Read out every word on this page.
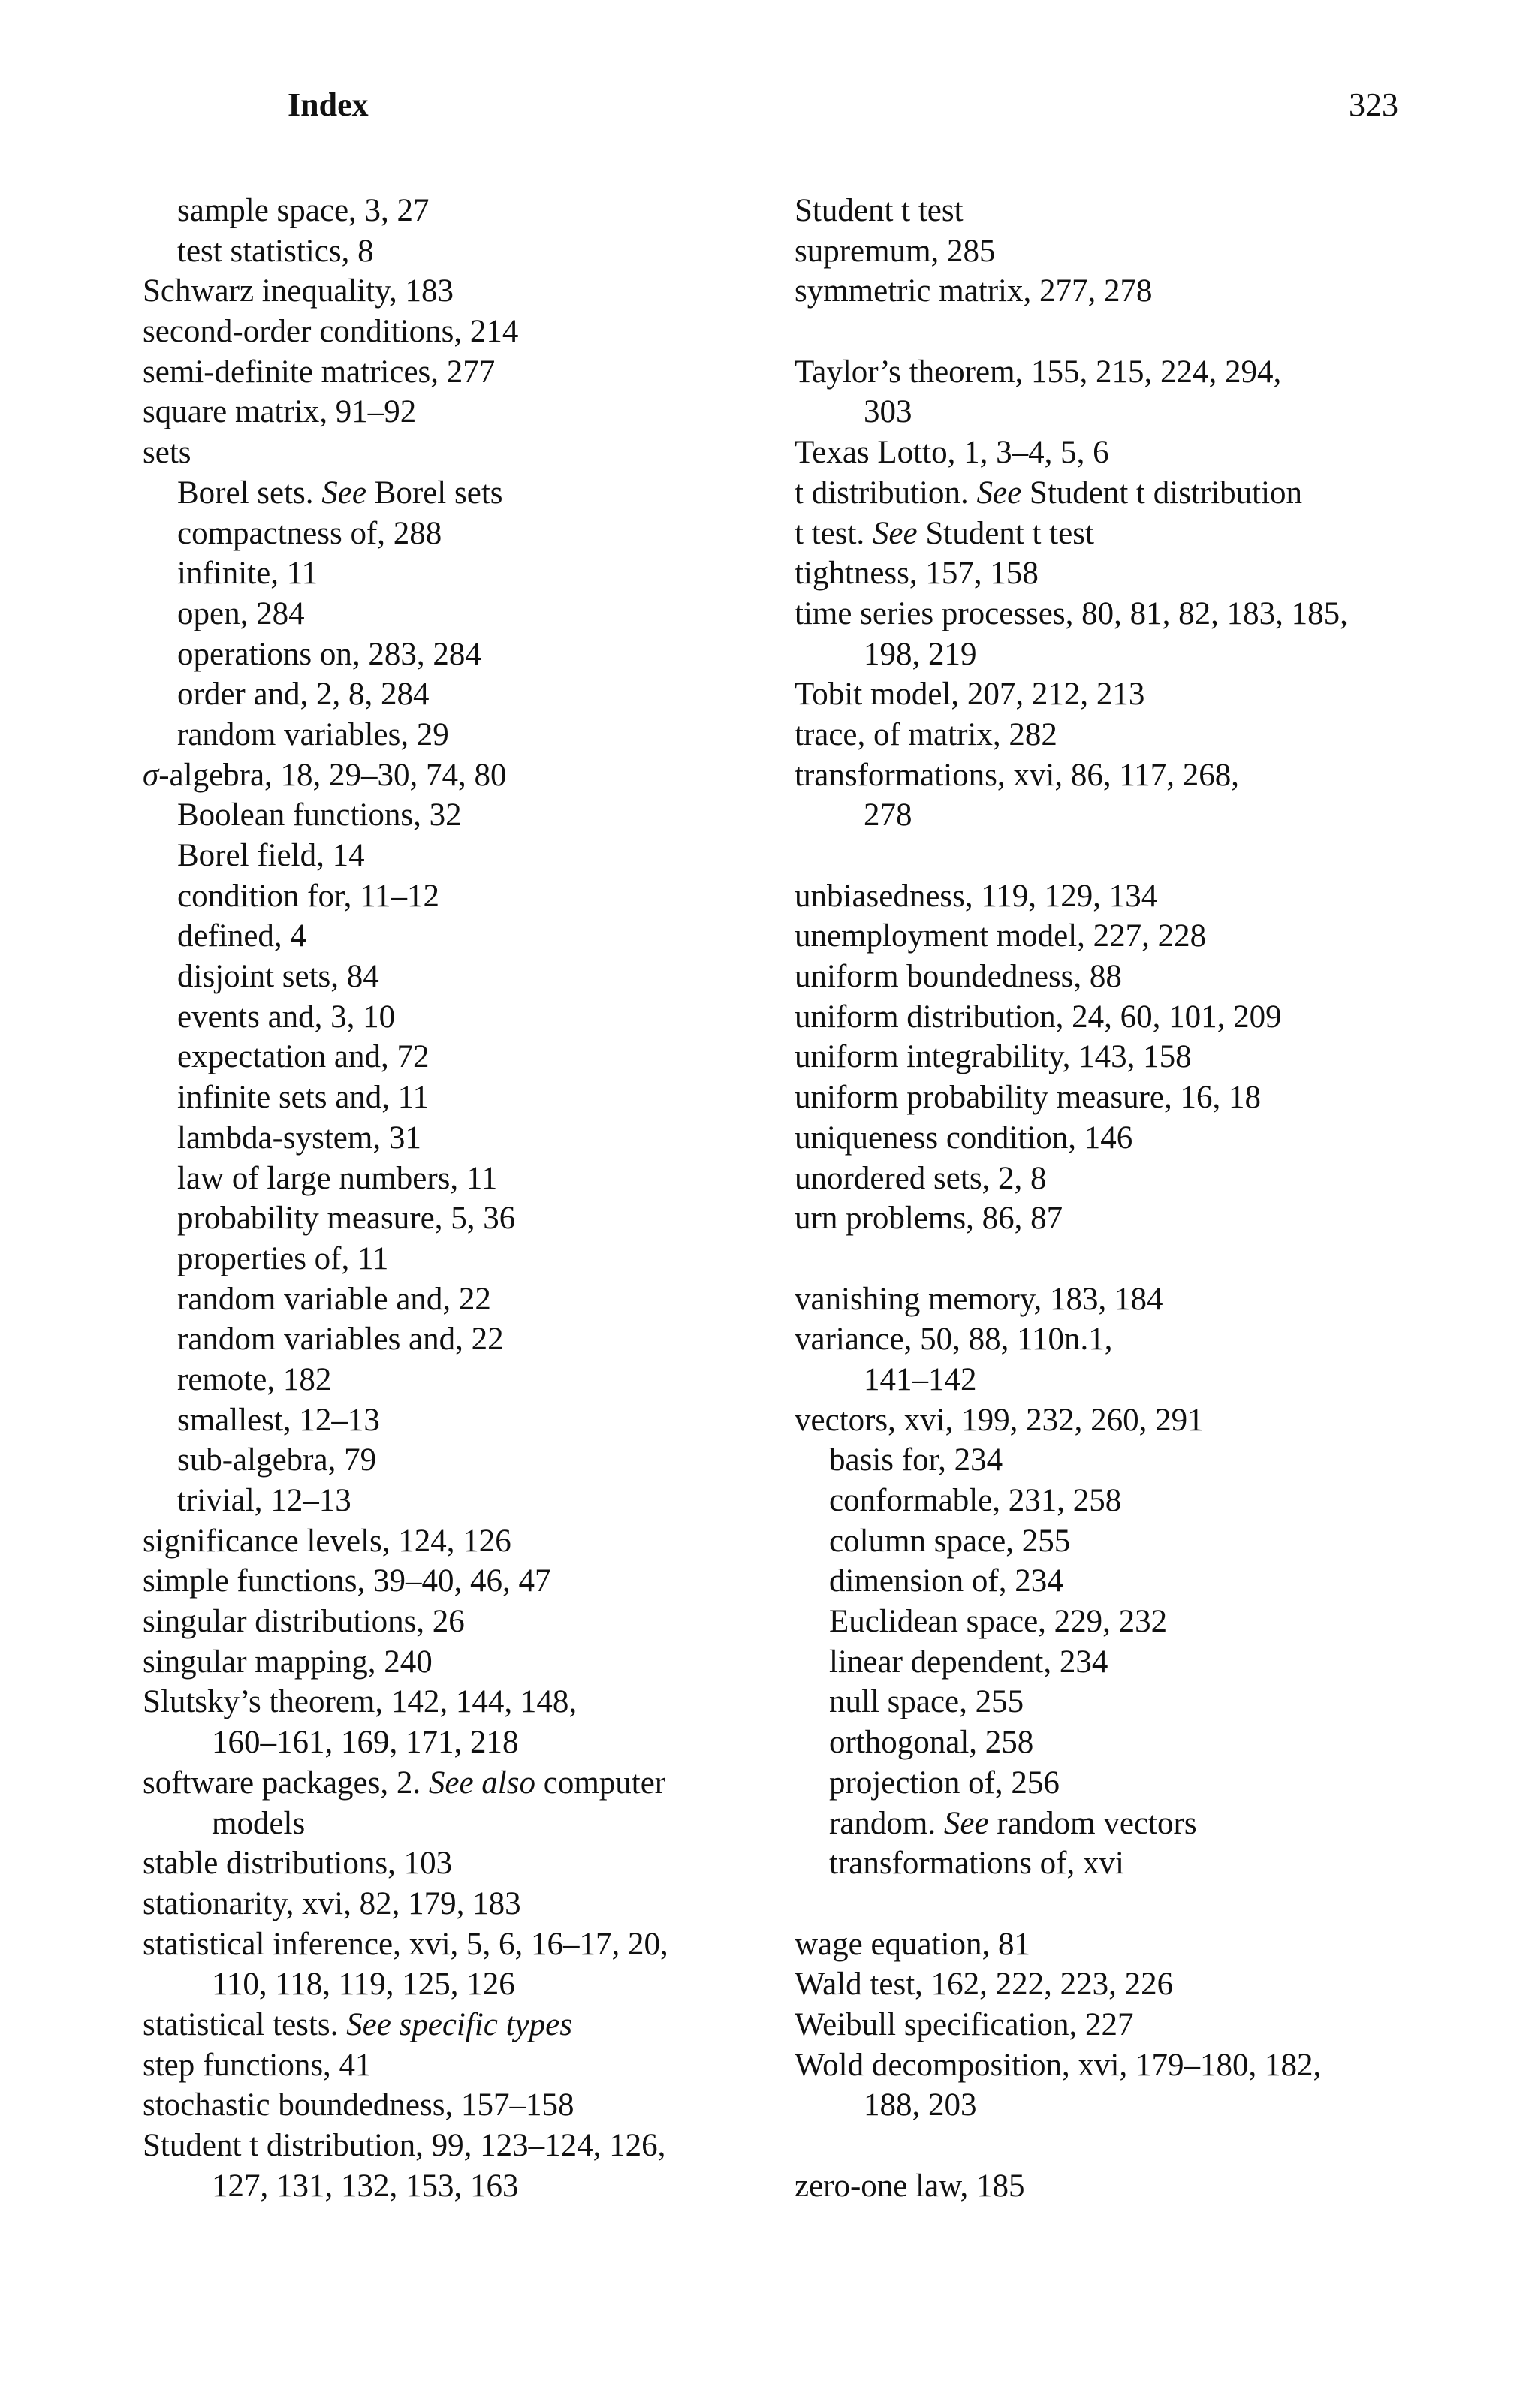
Index	323
sample space, 3, 27
test statistics, 8
Schwarz inequality, 183
second-order conditions, 214
semi-definite matrices, 277
square matrix, 91–92
sets
Borel sets. See Borel sets
compactness of, 288
infinite, 11
open, 284
operations on, 283, 284
order and, 2, 8, 284
random variables, 29
σ-algebra, 18, 29–30, 74, 80
Boolean functions, 32
Borel field, 14
condition for, 11–12
defined, 4
disjoint sets, 84
events and, 3, 10
expectation and, 72
infinite sets and, 11
lambda-system, 31
law of large numbers, 11
probability measure, 5, 36
properties of, 11
random variable and, 22
random variables and, 22
remote, 182
smallest, 12–13
sub-algebra, 79
trivial, 12–13
significance levels, 124, 126
simple functions, 39–40, 46, 47
singular distributions, 26
singular mapping, 240
Slutsky’s theorem, 142, 144, 148,
160–161, 169, 171, 218
software packages, 2. See also computer
models
stable distributions, 103
stationarity, xvi, 82, 179, 183
statistical inference, xvi, 5, 6, 16–17, 20,
110, 118, 119, 125, 126
statistical tests. See specific types
step functions, 41
stochastic boundedness, 157–158
Student t distribution, 99, 123–124, 126,
127, 131, 132, 153, 163
Student t test
supremum, 285
symmetric matrix, 277, 278
Taylor’s theorem, 155, 215, 224, 294,
303
Texas Lotto, 1, 3–4, 5, 6
t distribution. See Student t distribution
t test. See Student t test
tightness, 157, 158
time series processes, 80, 81, 82, 183, 185,
198, 219
Tobit model, 207, 212, 213
trace, of matrix, 282
transformations, xvi, 86, 117, 268,
278
unbiasedness, 119, 129, 134
unemployment model, 227, 228
uniform boundedness, 88
uniform distribution, 24, 60, 101, 209
uniform integrability, 143, 158
uniform probability measure, 16, 18
uniqueness condition, 146
unordered sets, 2, 8
urn problems, 86, 87
vanishing memory, 183, 184
variance, 50, 88, 110n.1,
141–142
vectors, xvi, 199, 232, 260, 291
basis for, 234
conformable, 231, 258
column space, 255
dimension of, 234
Euclidean space, 229, 232
linear dependent, 234
null space, 255
orthogonal, 258
projection of, 256
random. See random vectors
transformations of, xvi
wage equation, 81
Wald test, 162, 222, 223, 226
Weibull specification, 227
Wold decomposition, xvi, 179–180, 182,
188, 203
zero-one law, 185
